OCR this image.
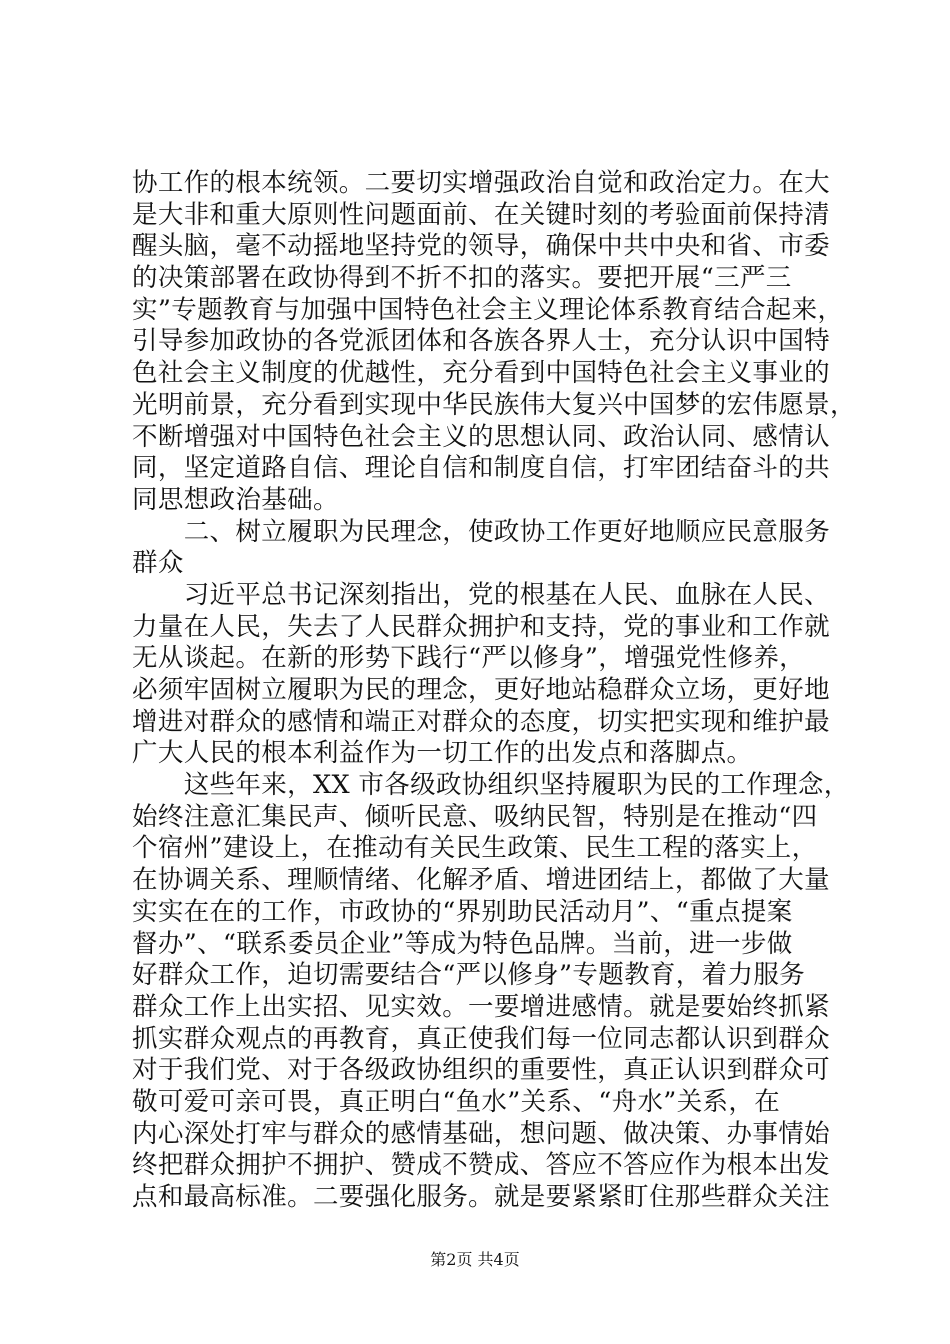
协工作的根本统领。二要切实增强政治自觉和政治定力。在大
是大非和重大原则性问题面前、在关键时刻的考验面前保持清
醒头脑，毫不动摇地坚持党的领导，确保中共中央和省、市委
的决策部署在政协得到不折不扣的落实。要把开展“三严三
实”专题教育与加强中国特色社会主义理论体系教育结合起来，
引导参加政协的各党派团体和各族各界人士，充分认识中国特
色社会主义制度的优越性，充分看到中国特色社会主义事业的
光明前景，充分看到实现中华民族伟大复兴中国梦的宏伟愿景，
不断增强对中国特色社会主义的思想认同、政治认同、感情认
同，坚定道路自信、理论自信和制度自信，打牢团结奋斗的共
同思想政治基础。
　　二、树立履职为民理念，使政协工作更好地顺应民意服务
群众
　　习近平总书记深刻指出，党的根基在人民、血脉在人民、
力量在人民，失去了人民群众拥护和支持，党的事业和工作就
无从谈起。在新的形势下践行“严以修身”，增强党性修养，
必须牢固树立履职为民的理念，更好地站稳群众立场，更好地
增进对群众的感情和端正对群众的态度，切实把实现和维护最
广大人民的根本利益作为一切工作的出发点和落脚点。
　　这些年来，XX 市各级政协组织坚持履职为民的工作理念，
始终注意汇集民声、倾听民意、吸纳民智，特别是在推动“四
个宿州”建设上，在推动有关民生政策、民生工程的落实上，
在协调关系、理顺情绪、化解矛盾、增进团结上，都做了大量
实实在在的工作，市政协的“界别助民活动月”、“重点提案
督办”、“联系委员企业”等成为特色品牌。当前，进一步做
好群众工作，迫切需要结合“严以修身”专题教育，着力服务
群众工作上出实招、见实效。一要增进感情。就是要始终抓紧
抓实群众观点的再教育，真正使我们每一位同志都认识到群众
对于我们党、对于各级政协组织的重要性，真正认识到群众可
敬可爱可亲可畏，真正明白“鱼水”关系、“舟水”关系，在
内心深处打牢与群众的感情基础，想问题、做决策、办事情始
终把群众拥护不拥护、赞成不赞成、答应不答应作为根本出发
点和最高标准。二要强化服务。就是要紧紧盯住那些群众关注
第2页 共4页
